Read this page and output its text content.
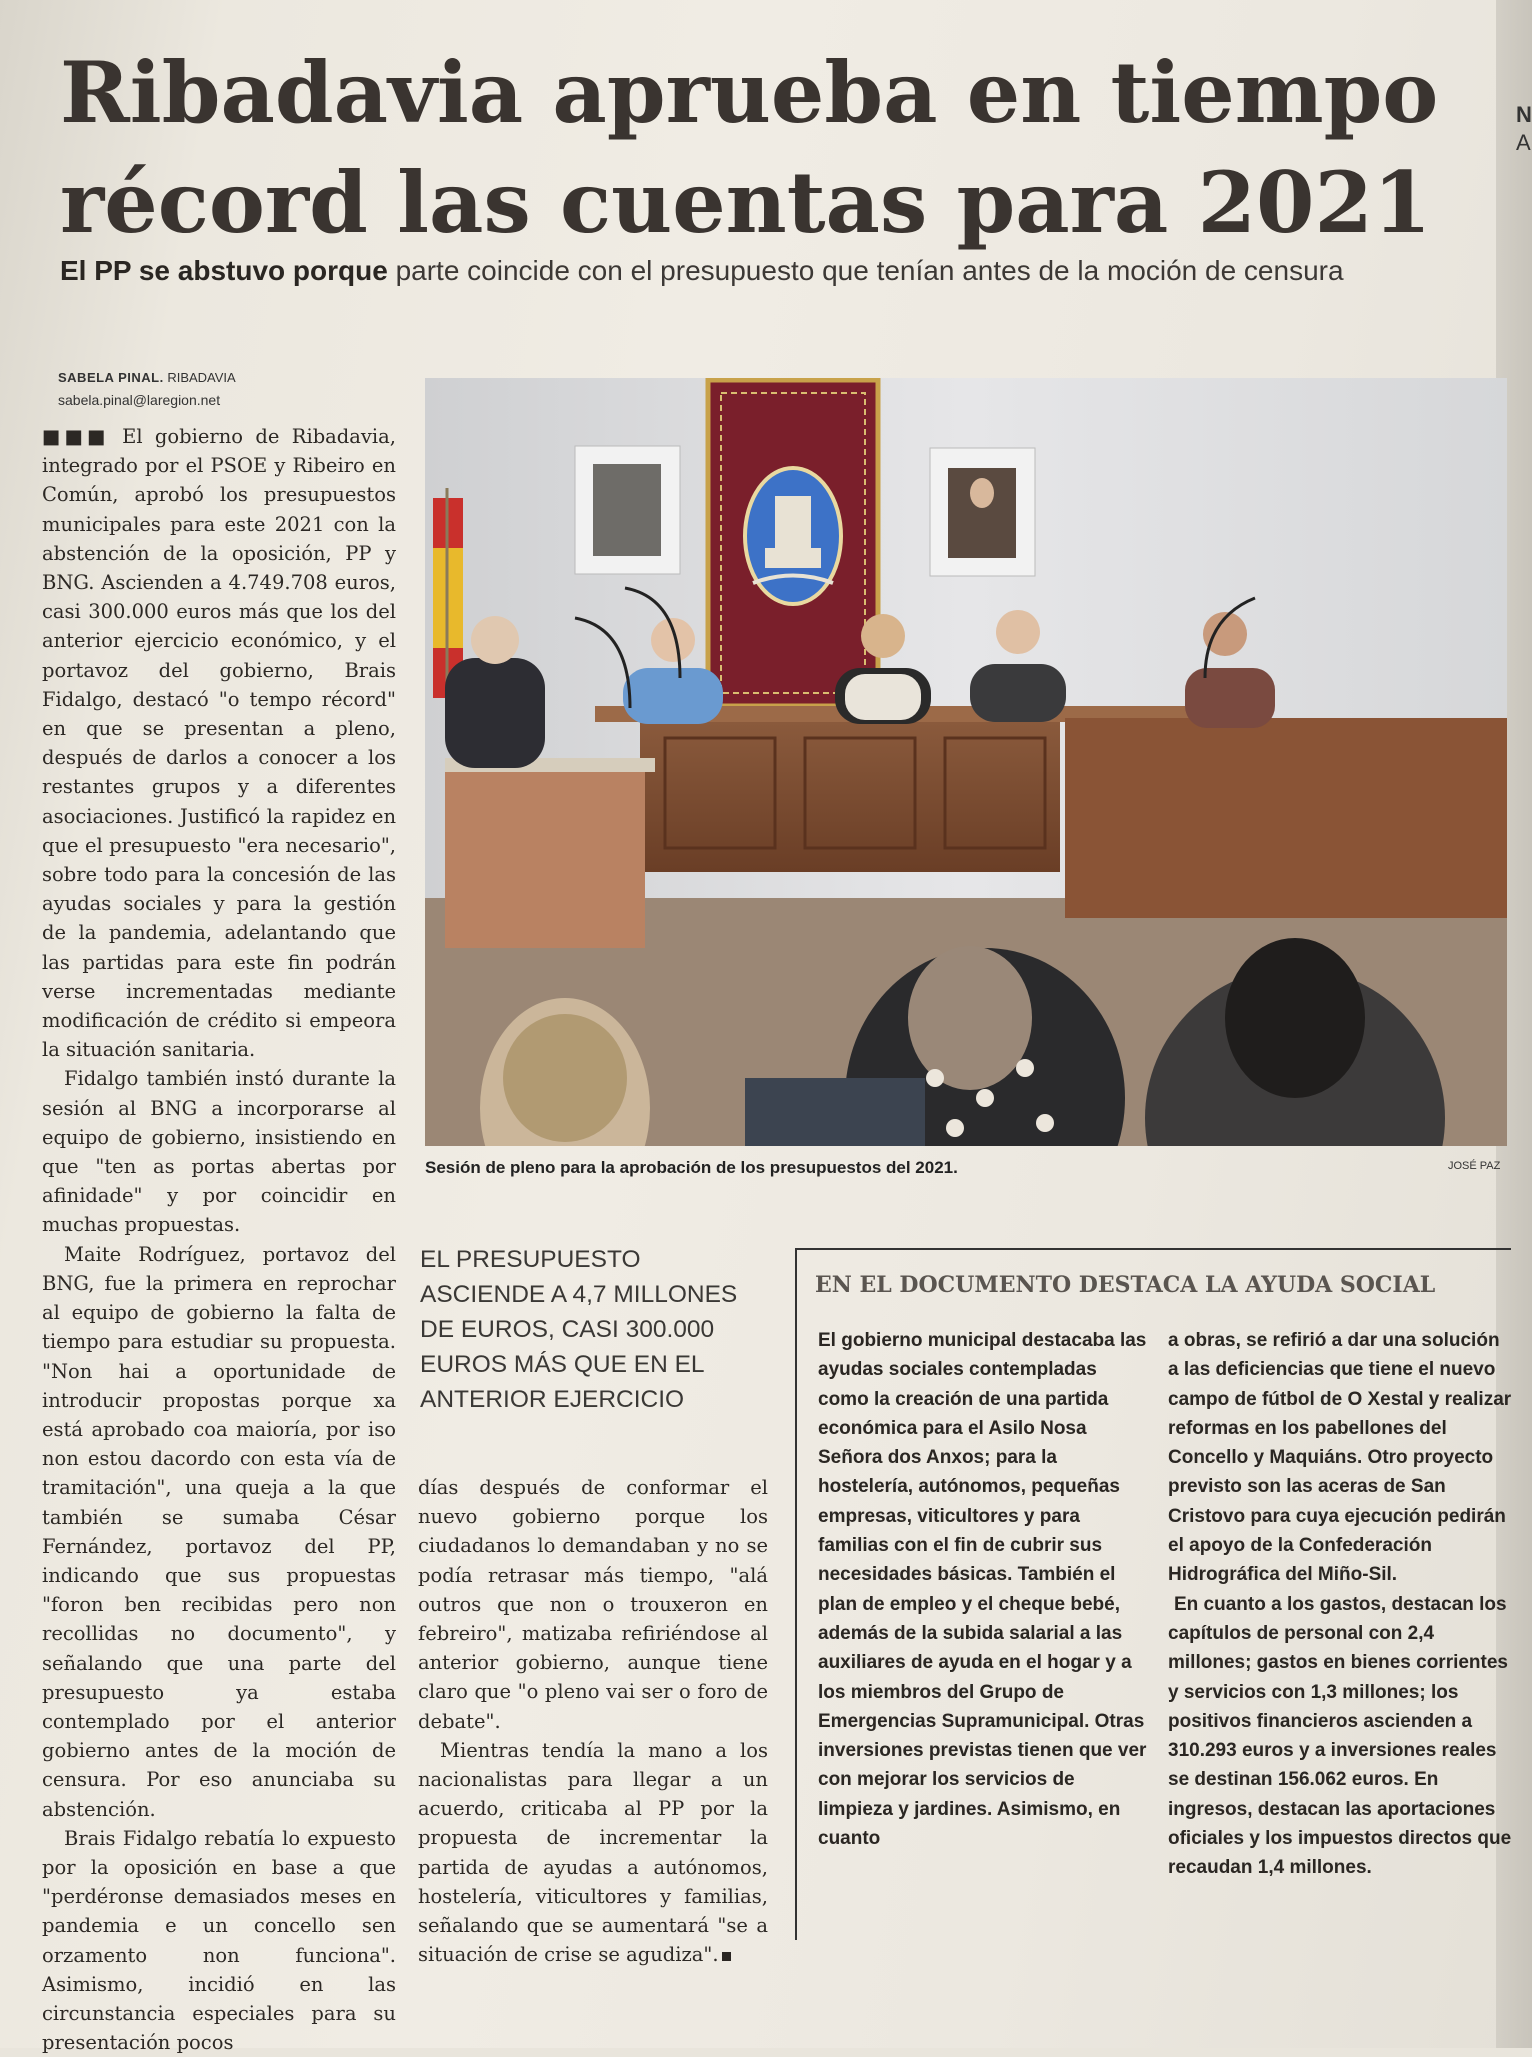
N
A
Ribadavia aprueba en tiempo
récord las cuentas para 2021
El PP se abstuvo porque parte coincide con el presupuesto que tenían antes de la moción de censura
SABELA PINAL. RIBADAVIA
sabela.pinal@laregion.net

■■■ El gobierno de Ribadavia, integrado por el PSOE y Ribeiro en Común, aprobó los presupuestos municipales para este 2021 con la abstención de la oposición, PP y BNG. Ascienden a 4.749.708 euros, casi 300.000 euros más que los del anterior ejercicio económico, y el portavoz del gobierno, Brais Fidalgo, destacó "o tempo récord" en que se presentan a pleno, después de darlos a conocer a los restantes grupos y a diferentes asociaciones. Justificó la rapidez en que el presupuesto "era necesario", sobre todo para la concesión de las ayudas sociales y para la gestión de la pandemia, adelantando que las partidas para este fin podrán verse incrementadas mediante modificación de crédito si empeora la situación sanitaria.

Fidalgo también instó durante la sesión al BNG a incorporarse al equipo de gobierno, insistiendo en que "ten as portas abertas por afinidade" y por coincidir en muchas propuestas.

Maite Rodríguez, portavoz del BNG, fue la primera en reprochar al equipo de gobierno la falta de tiempo para estudiar su propuesta. "Non hai a oportunidade de introducir propostas porque xa está aprobado coa maioría, por iso non estou dacordo con esta vía de tramitación", una queja a la que también se sumaba César Fernández, portavoz del PP, indicando que sus propuestas "foron ben recibidas pero non recollidas no documento", y señalando que una parte del presupuesto ya estaba contemplado por el anterior gobierno antes de la moción de censura. Por eso anunciaba su abstención.

Brais Fidalgo rebatía lo expuesto por la oposición en base a que "perdéronse demasiados meses en pandemia e un concello sen orzamento non funciona". Asimismo, incidió en las circunstancia especiales para su presentación pocos

Sesión de pleno para la aprobación de los presupuestos del 2021.	JOSÉ PAZ
EL PRESUPUESTO ASCIENDE A 4,7 MILLONES DE EUROS, CASI 300.000 EUROS MÁS QUE EN EL ANTERIOR EJERCICIO

días después de conformar el nuevo gobierno porque los ciudadanos lo demandaban y no se podía retrasar más tiempo, "alá outros que non o trouxeron en febreiro", matizaba refiriéndose al anterior gobierno, aunque tiene claro que "o pleno vai ser o foro de debate".

Mientras tendía la mano a los nacionalistas para llegar a un acuerdo, criticaba al PP por la propuesta de incrementar la partida de ayudas a autónomos, hostelería, viticultores y familias, señalando que se aumentará "se a situación de crise se agudiza".

EN EL DOCUMENTO DESTACA LA AYUDA SOCIAL

El gobierno municipal destacaba las ayudas sociales contempladas como la creación de una partida económica para el Asilo Nosa Señora dos Anxos; para la hostelería, autónomos, pequeñas empresas, viticultores y para familias con el fin de cubrir sus necesidades básicas. También el plan de empleo y el cheque bebé, además de la subida salarial a las auxiliares de ayuda en el hogar y a los miembros del Grupo de Emergencias Supramunicipal. Otras inversiones previstas tienen que ver con mejorar los servicios de limpieza y jardines. Asimismo, en cuanto

a obras, se refirió a dar una solución a las deficiencias que tiene el nuevo campo de fútbol de O Xestal y realizar reformas en los pabellones del Concello y Maquiáns. Otro proyecto previsto son las aceras de San Cristovo para cuya ejecución pedirán el apoyo de la Confederación Hidrográfica del Miño-Sil.

En cuanto a los gastos, destacan los capítulos de personal con 2,4 millones; gastos en bienes corrientes y servicios con 1,3 millones; los positivos financieros ascienden a 310.293 euros y a inversiones reales se destinan 156.062 euros. En ingresos, destacan las aportaciones oficiales y los impuestos directos que recaudan 1,4 millones.
